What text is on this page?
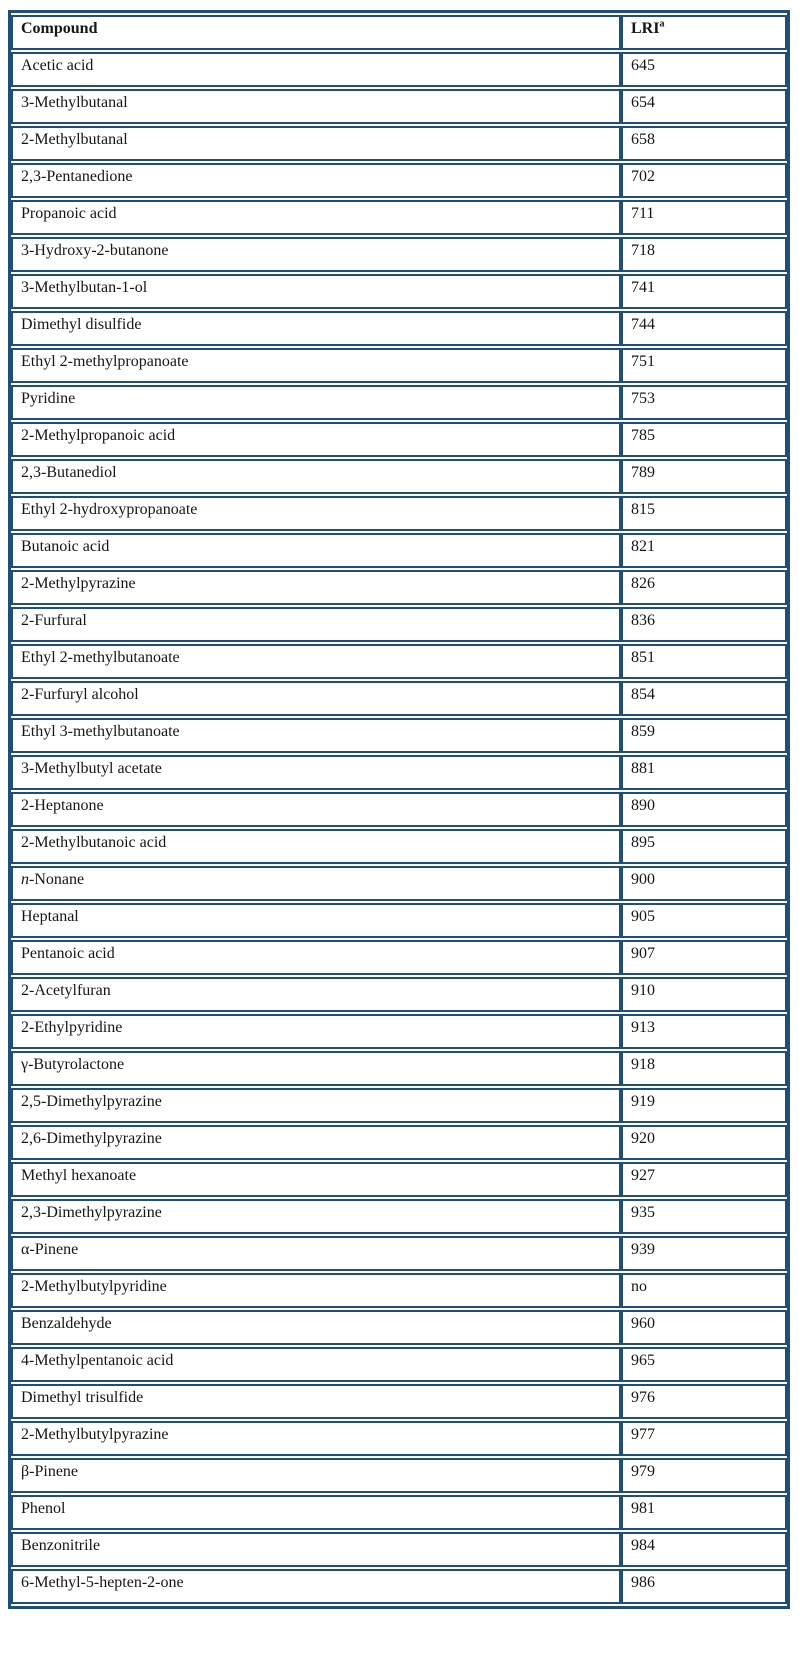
Compound	LRI$^a$
Acetic acid	645
3-Methylbutanal	654
2-Methylbutanal	658
2,3-Pentanedione	702
Propanoic acid	711
3-Hydroxy-2-butanone	718
3-Methylbutan-1-ol	741
Dimethyl disulfide	744
Ethyl 2-methylpropanoate	751
Pyridine	753
2-Methylpropanoic acid	785
2,3-Butanediol	789
Ethyl 2-hydroxypropanoate	815
Butanoic acid	821
2-Methylpyrazine	826
2-Furfural	836
Ethyl 2-methylbutanoate	851
2-Furfuryl alcohol	854
Ethyl 3-methylbutanoate	859
3-Methylbutyl acetate	881
2-Heptanone	890
2-Methylbutanoic acid	895
n-Nonane	900
Heptanal	905
Pentanoic acid	907
2-Acetylfuran	910
2-Ethylpyridine	913
γ-Butyrolactone	918
2,5-Dimethylpyrazine	919
2,6-Dimethylpyrazine	920
Methyl hexanoate	927
2,3-Dimethylpyrazine	935
α-Pinene	939
2-Methylbutylpyridine	no
Benzaldehyde	960
4-Methylpentanoic acid	965
Dimethyl trisulfide	976
2-Methylbutylpyrazine	977
β-Pinene	979
Phenol	981
Benzonitrile	984
6-Methyl-5-hepten-2-one	986
